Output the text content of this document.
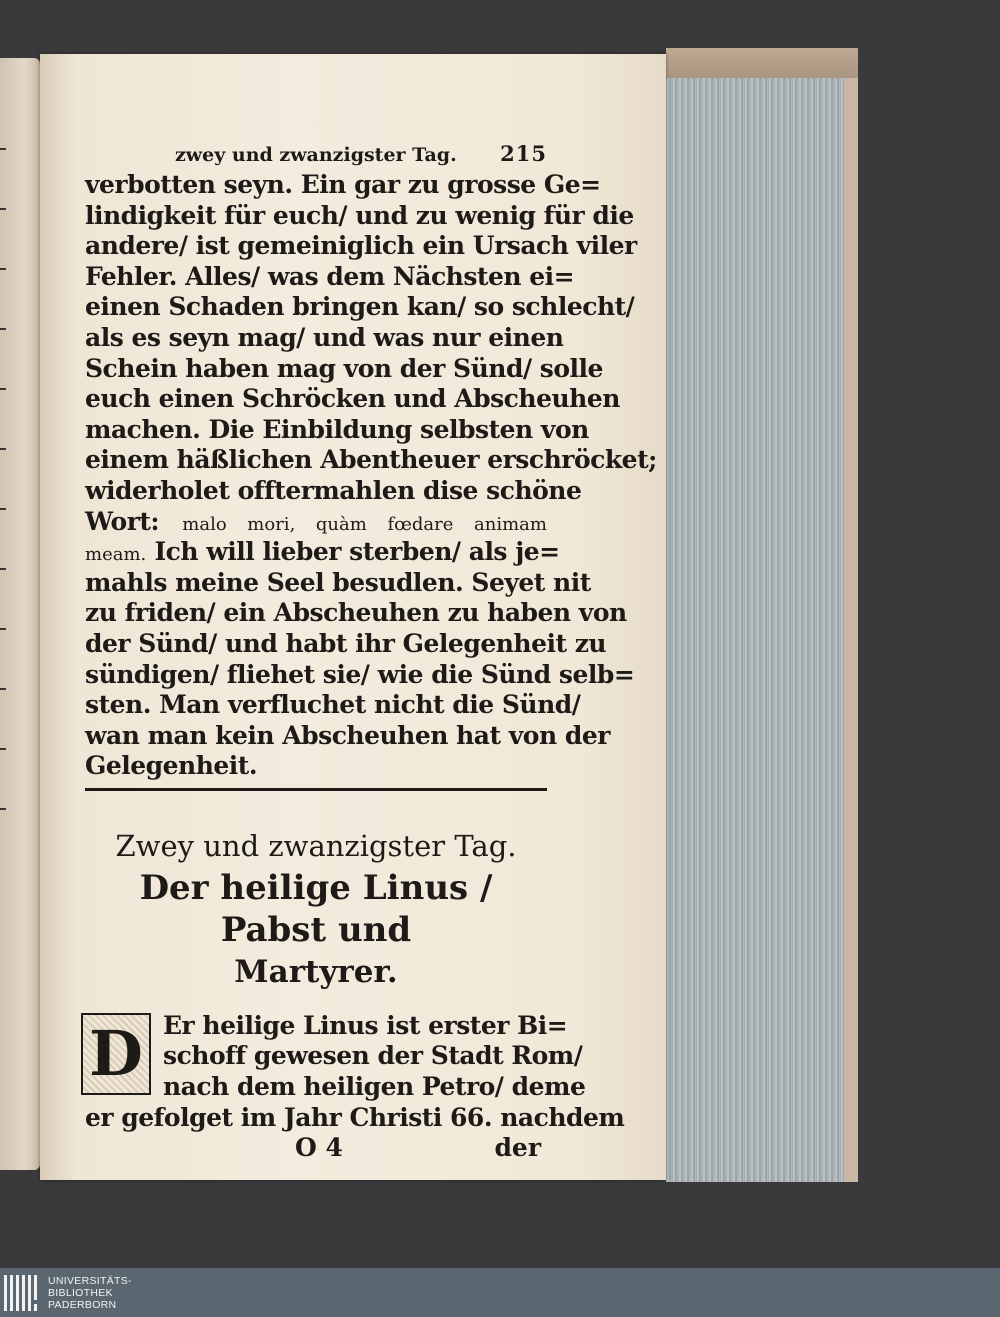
zwey und zwanzigster Tag. 215
verbotten seyn. Ein gar zu grosse Ge=
lindigkeit für euch/ und zu wenig für die
andere/ ist gemeiniglich ein Ursach viler
Fehler. Alles/ was dem Nächsten ei=
einen Schaden bringen kan/ so schlecht/
als es seyn mag/ und was nur einen
Schein haben mag von der Sünd/ solle
euch einen Schröcken und Abscheuhen
machen. Die Einbildung selbsten von
einem häßlichen Abentheuer erschröcket;
widerholet offtermahlen dise schöne
Wort: malo mori, quàm fœdare animam
meam. Ich will lieber sterben/ als je=
mahls meine Seel besudlen. Seyet nit
zu friden/ ein Abscheuhen zu haben von
der Sünd/ und habt ihr Gelegenheit zu
sündigen/ fliehet sie/ wie die Sünd selb=
sten. Man verfluchet nicht die Sünd/
wan man kein Abscheuhen hat von der
Gelegenheit.
Zwey und zwanzigster Tag.
Der heilige Linus / Pabst und
Martyrer.
D Er heilige Linus ist erster Bi=
schoff gewesen der Stadt Rom/
nach dem heiligen Petro/ deme
er gefolget im Jahr Christi 66. nachdem
O 4	der
UNIVERSITÄTS-
BIBLIOTHEK
PADERBORN
